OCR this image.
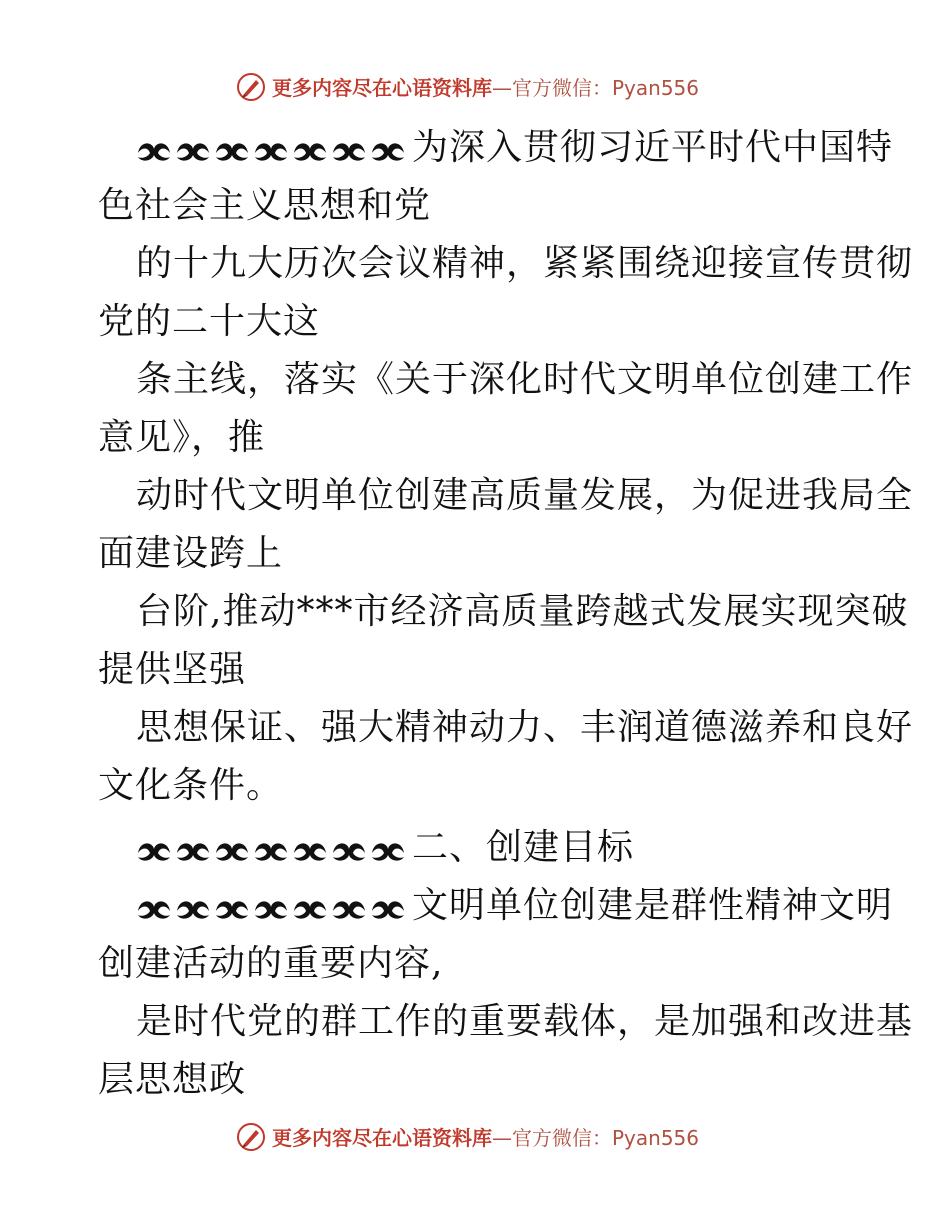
更多内容尽在心语资料库—官方微信：Pyan556
为深入贯彻习近平时代中国特
色社会主义思想和党
的十九大历次会议精神，紧紧围绕迎接宣传贯彻
党的二十大这
条主线，落实《关于深化时代文明单位创建工作
意见》，推
动时代文明单位创建高质量发展，为促进我局全
面建设跨上
台阶,推动***市经济高质量跨越式发展实现突破
提供坚强
思想保证、强大精神动力、丰润道德滋养和良好
文化条件。
二、创建目标
文明单位创建是群性精神文明
创建活动的重要内容,
是时代党的群工作的重要载体，是加强和改进基
层思想政
更多内容尽在心语资料库—官方微信：Pyan556
